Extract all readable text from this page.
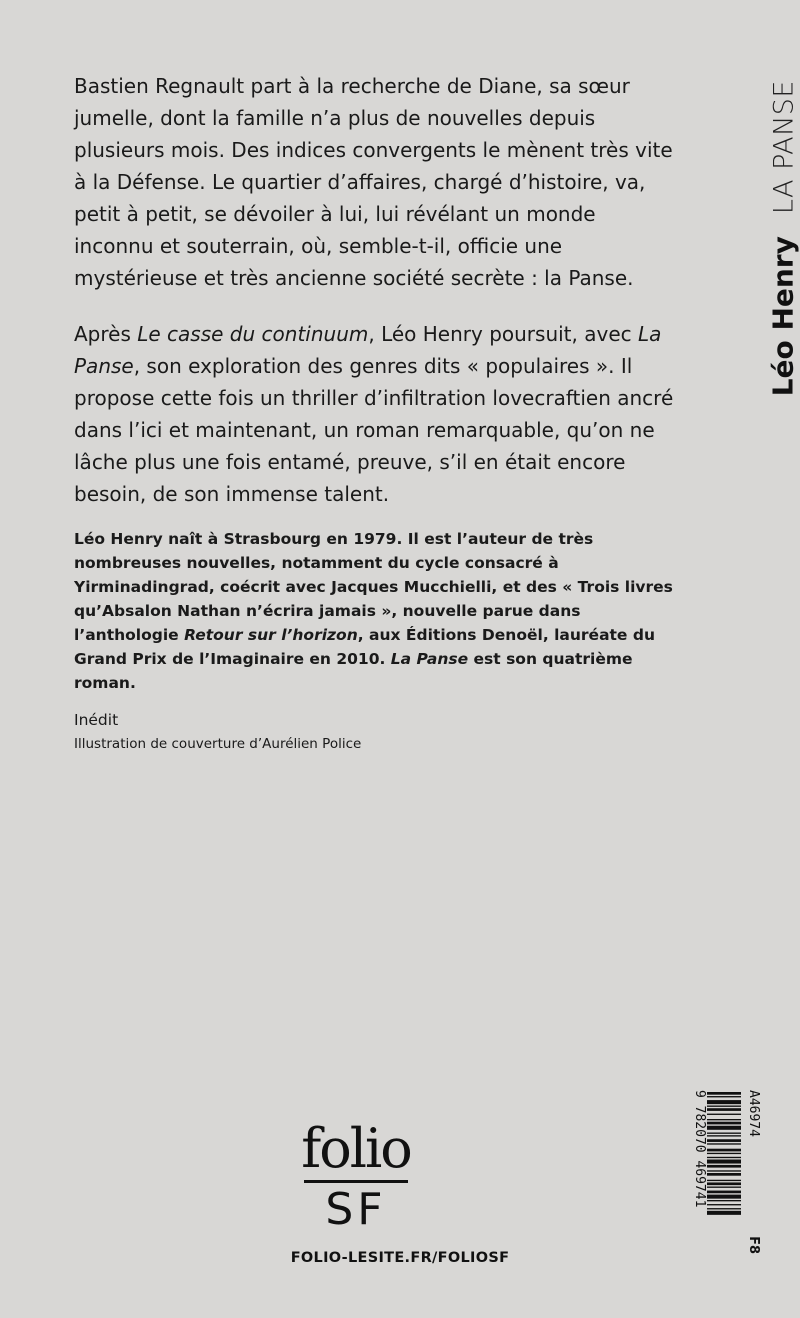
Bastien Regnault part à la recherche de Diane, sa sœur jumelle, dont la famille n’a plus de nouvelles depuis plusieurs mois. Des indices convergents le mènent très vite à la Défense. Le quartier d’affaires, chargé d’histoire, va, petit à petit, se dévoiler à lui, lui révélant un monde inconnu et souterrain, où, semble-t-il, officie une mystérieuse et très ancienne société secrète : la Panse.

Après Le casse du continuum, Léo Henry poursuit, avec La Panse, son exploration des genres dits « populaires ». Il propose cette fois un thriller d’infiltration lovecraftien ancré dans l’ici et maintenant, un roman remarquable, qu’on ne lâche plus une fois entamé, preuve, s’il en était encore besoin, de son immense talent.

Léo Henry naît à Strasbourg en 1979. Il est l’auteur de très nombreuses nouvelles, notamment du cycle consacré à Yirminadingrad, coécrit avec Jacques Mucchielli, et des « Trois livres qu’Absalon Nathan n’écrira jamais », nouvelle parue dans l’anthologie Retour sur l’horizon, aux Éditions Denoël, lauréate du Grand Prix de l’Imaginaire en 2010. La Panse est son quatrième roman.

Inédit

Illustration de couverture d’Aurélien Police

Léo HenryLA PANSE
folio
SF
FOLIO-LESITE.FR/FOLIOSF
A46974
F8
9 782070 469741
